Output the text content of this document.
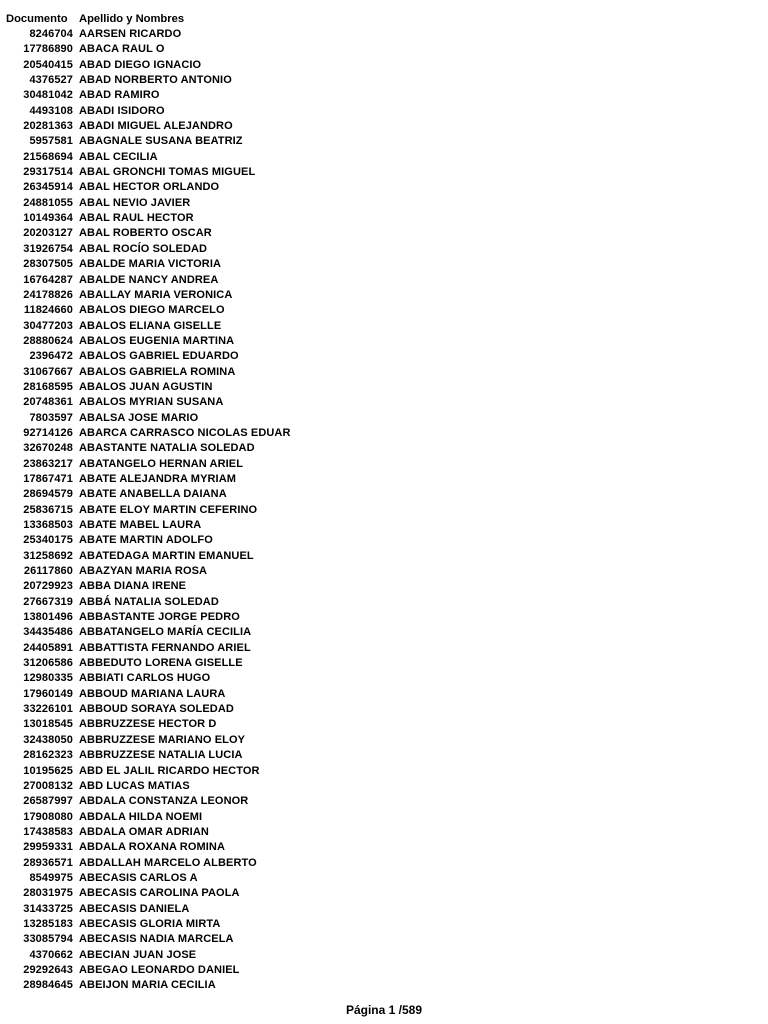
Documento	Apellido y Nombres
8246704 AARSEN RICARDO
17786890 ABACA RAUL O
20540415 ABAD DIEGO IGNACIO
4376527 ABAD NORBERTO ANTONIO
30481042 ABAD RAMIRO
4493108 ABADI ISIDORO
20281363 ABADI MIGUEL ALEJANDRO
5957581 ABAGNALE SUSANA BEATRIZ
21568694 ABAL CECILIA
29317514 ABAL GRONCHI TOMAS MIGUEL
26345914 ABAL HECTOR ORLANDO
24881055 ABAL NEVIO JAVIER
10149364 ABAL RAUL HECTOR
20203127 ABAL ROBERTO OSCAR
31926754 ABAL ROCÍO SOLEDAD
28307505 ABALDE MARIA VICTORIA
16764287 ABALDE NANCY ANDREA
24178826 ABALLAY MARIA VERONICA
11824660 ABALOS DIEGO MARCELO
30477203 ABALOS ELIANA GISELLE
28880624 ABALOS EUGENIA MARTINA
2396472 ABALOS GABRIEL EDUARDO
31067667 ABALOS GABRIELA ROMINA
28168595 ABALOS JUAN AGUSTIN
20748361 ABALOS MYRIAN SUSANA
7803597 ABALSA JOSE MARIO
92714126 ABARCA CARRASCO NICOLAS EDUAR
32670248 ABASTANTE NATALIA SOLEDAD
23863217 ABATANGELO HERNAN ARIEL
17867471 ABATE ALEJANDRA MYRIAM
28694579 ABATE ANABELLA DAIANA
25836715 ABATE ELOY MARTIN CEFERINO
13368503 ABATE MABEL LAURA
25340175 ABATE MARTIN ADOLFO
31258692 ABATEDAGA MARTIN EMANUEL
26117860 ABAZYAN MARIA ROSA
20729923 ABBA DIANA IRENE
27667319 ABBÁ NATALIA SOLEDAD
13801496 ABBASTANTE JORGE PEDRO
34435486 ABBATANGELO MARÍA CECILIA
24405891 ABBATTISTA FERNANDO ARIEL
31206586 ABBEDUTO LORENA GISELLE
12980335 ABBIATI CARLOS HUGO
17960149 ABBOUD MARIANA LAURA
33226101 ABBOUD SORAYA SOLEDAD
13018545 ABBRUZZESE HECTOR D
32438050 ABBRUZZESE MARIANO ELOY
28162323 ABBRUZZESE NATALIA LUCIA
10195625 ABD EL JALIL RICARDO HECTOR
27008132 ABD LUCAS MATIAS
26587997 ABDALA CONSTANZA LEONOR
17908080 ABDALA HILDA NOEMI
17438583 ABDALA OMAR ADRIAN
29959331 ABDALA ROXANA ROMINA
28936571 ABDALLAH MARCELO ALBERTO
8549975 ABECASIS CARLOS A
28031975 ABECASIS CAROLINA PAOLA
31433725 ABECASIS DANIELA
13285183 ABECASIS GLORIA MIRTA
33085794 ABECASIS NADIA MARCELA
4370662 ABECIAN JUAN JOSE
29292643 ABEGAO LEONARDO DANIEL
28984645 ABEIJON MARIA CECILIA
Página 1 /589
